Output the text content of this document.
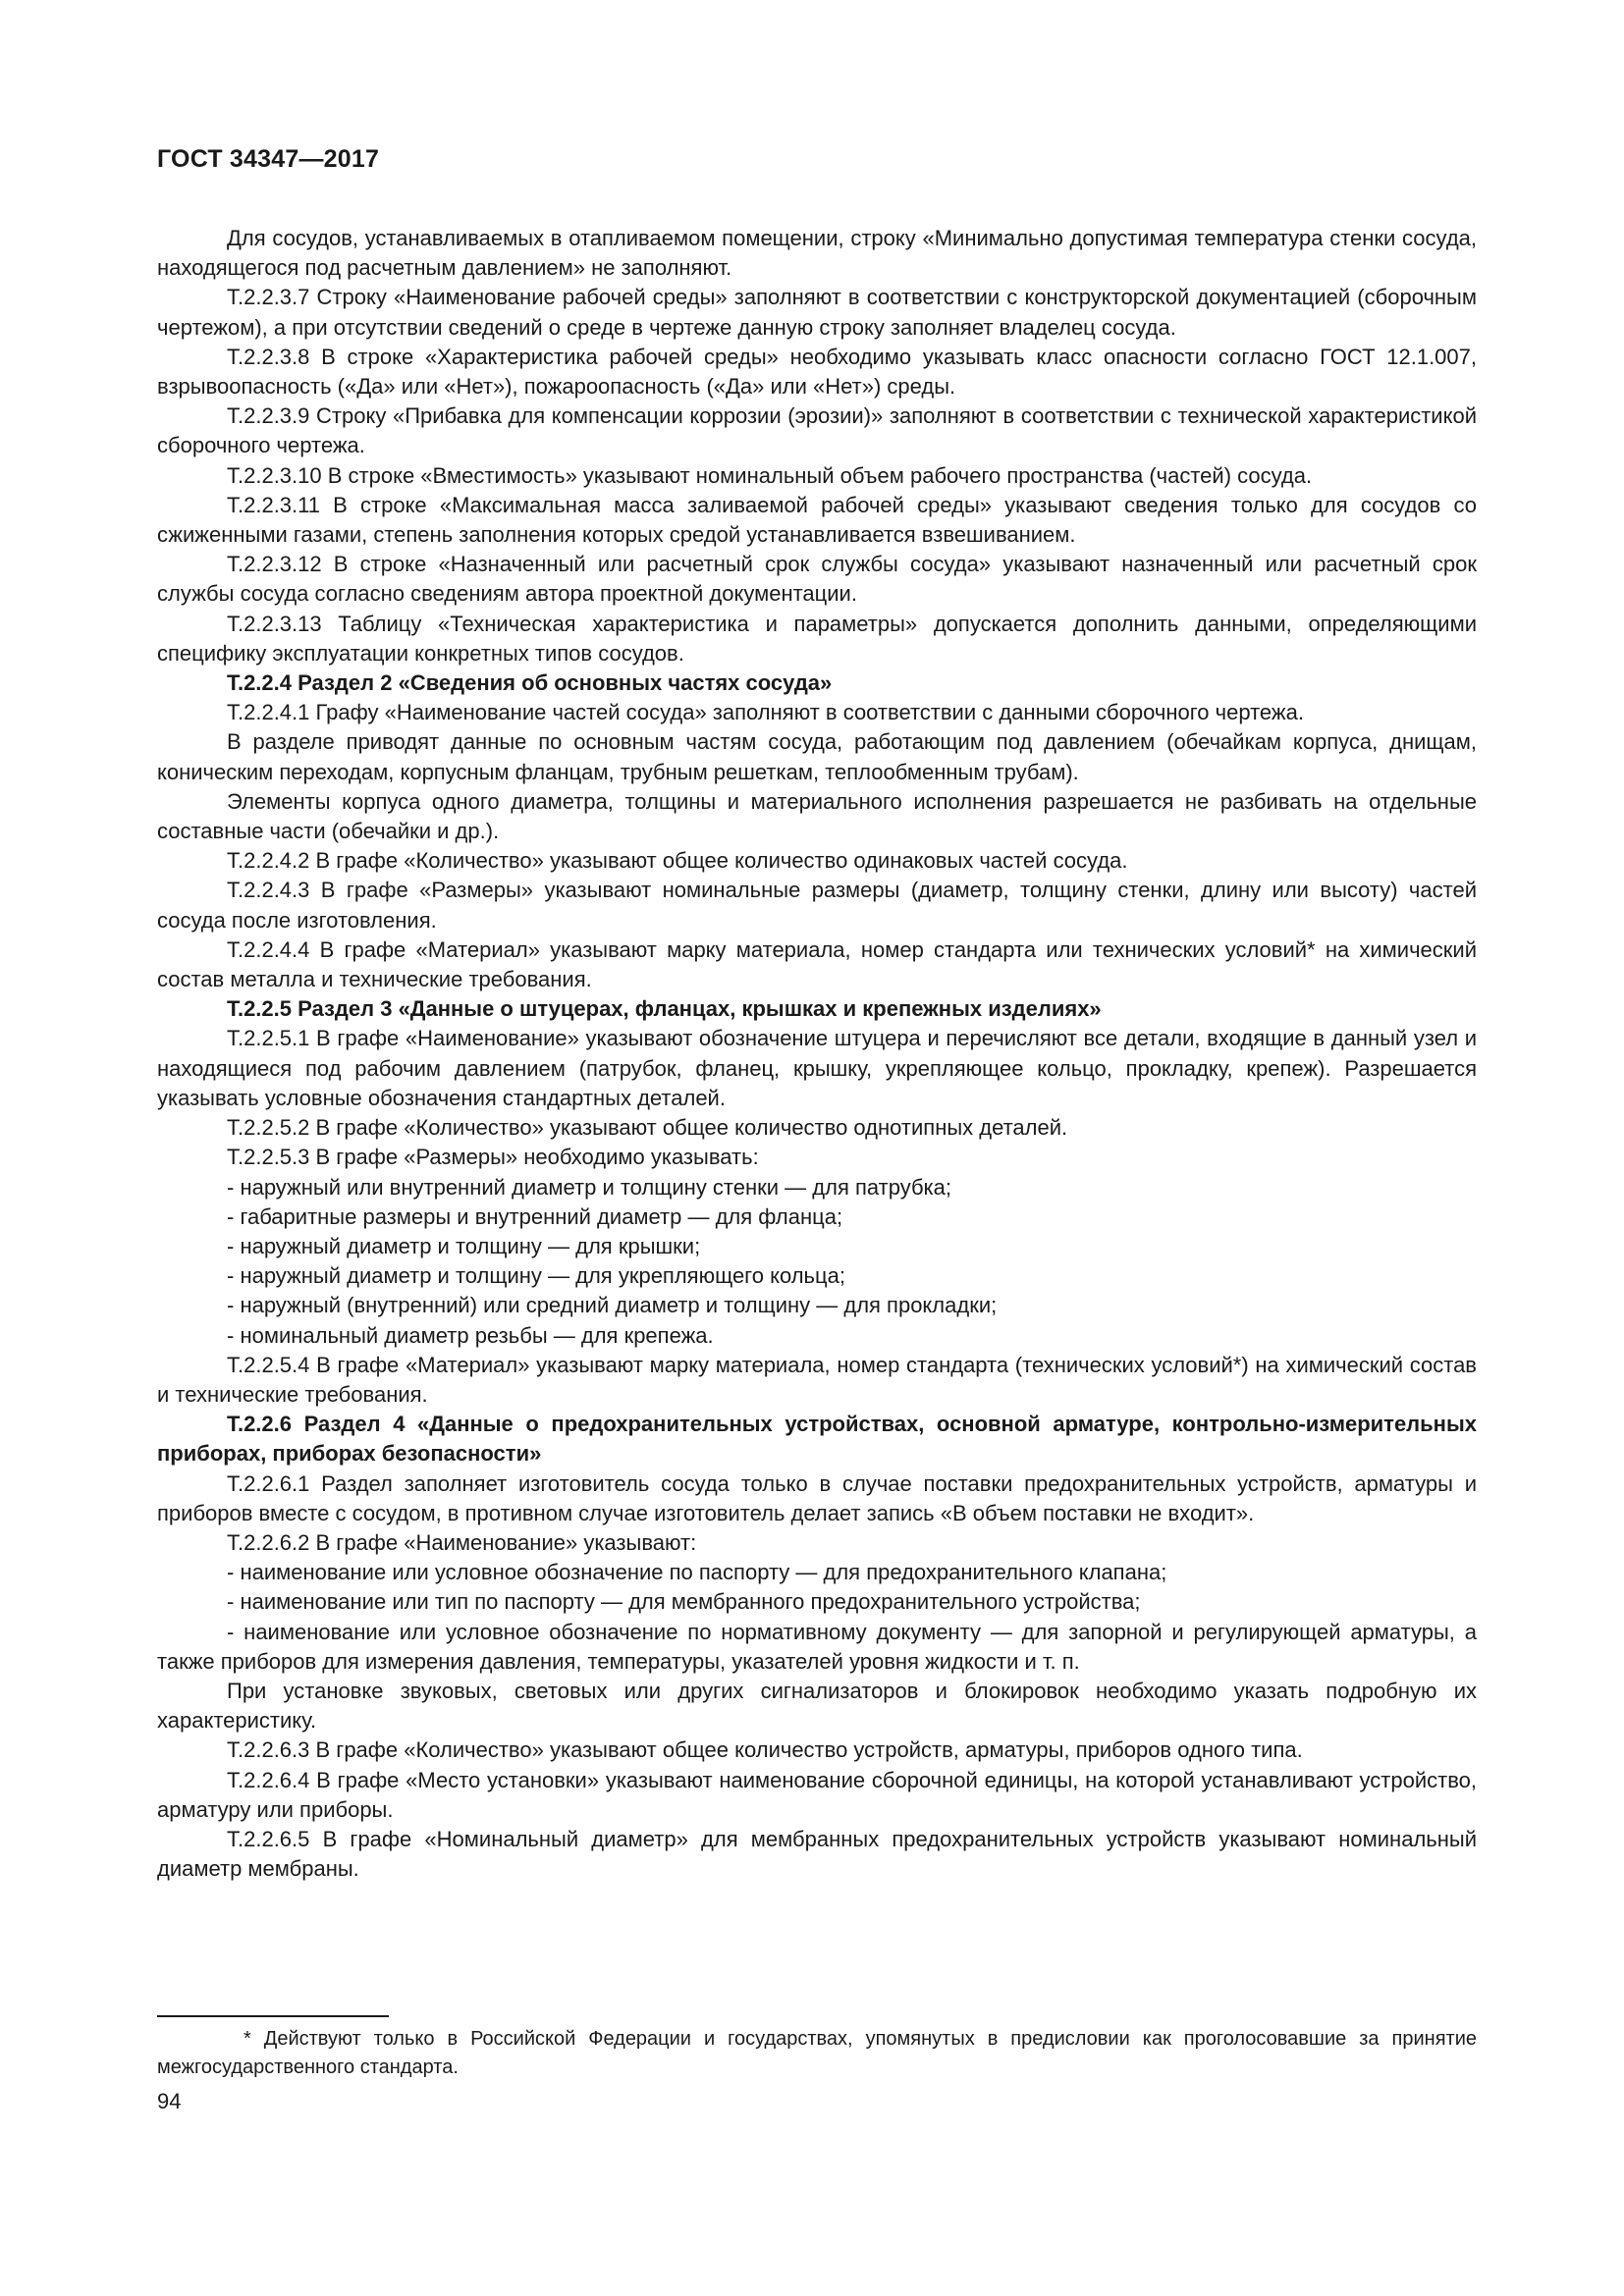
ГОСТ 34347—2017

Для сосудов, устанавливаемых в отапливаемом помещении, строку «Минимально допустимая температура стенки сосуда, находящегося под расчетным давлением» не заполняют.

Т.2.2.3.7 Строку «Наименование рабочей среды» заполняют в соответствии с конструкторской документацией (сборочным чертежом), а при отсутствии сведений о среде в чертеже данную строку заполняет владелец сосуда.

Т.2.2.3.8 В строке «Характеристика рабочей среды» необходимо указывать класс опасности согласно ГОСТ 12.1.007, взрывоопасность («Да» или «Нет»), пожароопасность («Да» или «Нет») среды.

Т.2.2.3.9 Строку «Прибавка для компенсации коррозии (эрозии)» заполняют в соответствии с технической характеристикой сборочного чертежа.

Т.2.2.3.10 В строке «Вместимость» указывают номинальный объем рабочего пространства (частей) сосуда.

Т.2.2.3.11 В строке «Максимальная масса заливаемой рабочей среды» указывают сведения только для сосудов со сжиженными газами, степень заполнения которых средой устанавливается взвешиванием.

Т.2.2.3.12 В строке «Назначенный или расчетный срок службы сосуда» указывают назначенный или расчетный срок службы сосуда согласно сведениям автора проектной документации.

Т.2.2.3.13 Таблицу «Техническая характеристика и параметры» допускается дополнить данными, определяющими специфику эксплуатации конкретных типов сосудов.

Т.2.2.4 Раздел 2 «Сведения об основных частях сосуда»

Т.2.2.4.1 Графу «Наименование частей сосуда» заполняют в соответствии с данными сборочного чертежа.

В разделе приводят данные по основным частям сосуда, работающим под давлением (обечайкам корпуса, днищам, коническим переходам, корпусным фланцам, трубным решеткам, теплообменным трубам).

Элементы корпуса одного диаметра, толщины и материального исполнения разрешается не разбивать на отдельные составные части (обечайки и др.).

Т.2.2.4.2 В графе «Количество» указывают общее количество одинаковых частей сосуда.

Т.2.2.4.3 В графе «Размеры» указывают номинальные размеры (диаметр, толщину стенки, длину или высоту) частей сосуда после изготовления.

Т.2.2.4.4 В графе «Материал» указывают марку материала, номер стандарта или технических условий* на химический состав металла и технические требования.

Т.2.2.5 Раздел 3 «Данные о штуцерах, фланцах, крышках и крепежных изделиях»

Т.2.2.5.1 В графе «Наименование» указывают обозначение штуцера и перечисляют все детали, входящие в данный узел и находящиеся под рабочим давлением (патрубок, фланец, крышку, укрепляющее кольцо, прокладку, крепеж). Разрешается указывать условные обозначения стандартных деталей.

Т.2.2.5.2 В графе «Количество» указывают общее количество однотипных деталей.

Т.2.2.5.3 В графе «Размеры» необходимо указывать:

- наружный или внутренний диаметр и толщину стенки — для патрубка;

- габаритные размеры и внутренний диаметр — для фланца;

- наружный диаметр и толщину — для крышки;

- наружный диаметр и толщину — для укрепляющего кольца;

- наружный (внутренний) или средний диаметр и толщину — для прокладки;

- номинальный диаметр резьбы — для крепежа.

Т.2.2.5.4 В графе «Материал» указывают марку материала, номер стандарта (технических условий*) на химический состав и технические требования.

Т.2.2.6 Раздел 4 «Данные о предохранительных устройствах, основной арматуре, контрольно-измерительных приборах, приборах безопасности»

Т.2.2.6.1 Раздел заполняет изготовитель сосуда только в случае поставки предохранительных устройств, арматуры и приборов вместе с сосудом, в противном случае изготовитель делает запись «В объем поставки не входит».

Т.2.2.6.2 В графе «Наименование» указывают:

- наименование или условное обозначение по паспорту — для предохранительного клапана;

- наименование или тип по паспорту — для мембранного предохранительного устройства;

- наименование или условное обозначение по нормативному документу — для запорной и регулирующей арматуры, а также приборов для измерения давления, температуры, указателей уровня жидкости и т. п.

При установке звуковых, световых или других сигнализаторов и блокировок необходимо указать подробную их характеристику.

Т.2.2.6.3 В графе «Количество» указывают общее количество устройств, арматуры, приборов одного типа.

Т.2.2.6.4 В графе «Место установки» указывают наименование сборочной единицы, на которой устанавливают устройство, арматуру или приборы.

Т.2.2.6.5 В графе «Номинальный диаметр» для мембранных предохранительных устройств указывают номинальный диаметр мембраны.

* Действуют только в Российской Федерации и государствах, упомянутых в предисловии как проголосовавшие за принятие межгосударственного стандарта.

94
